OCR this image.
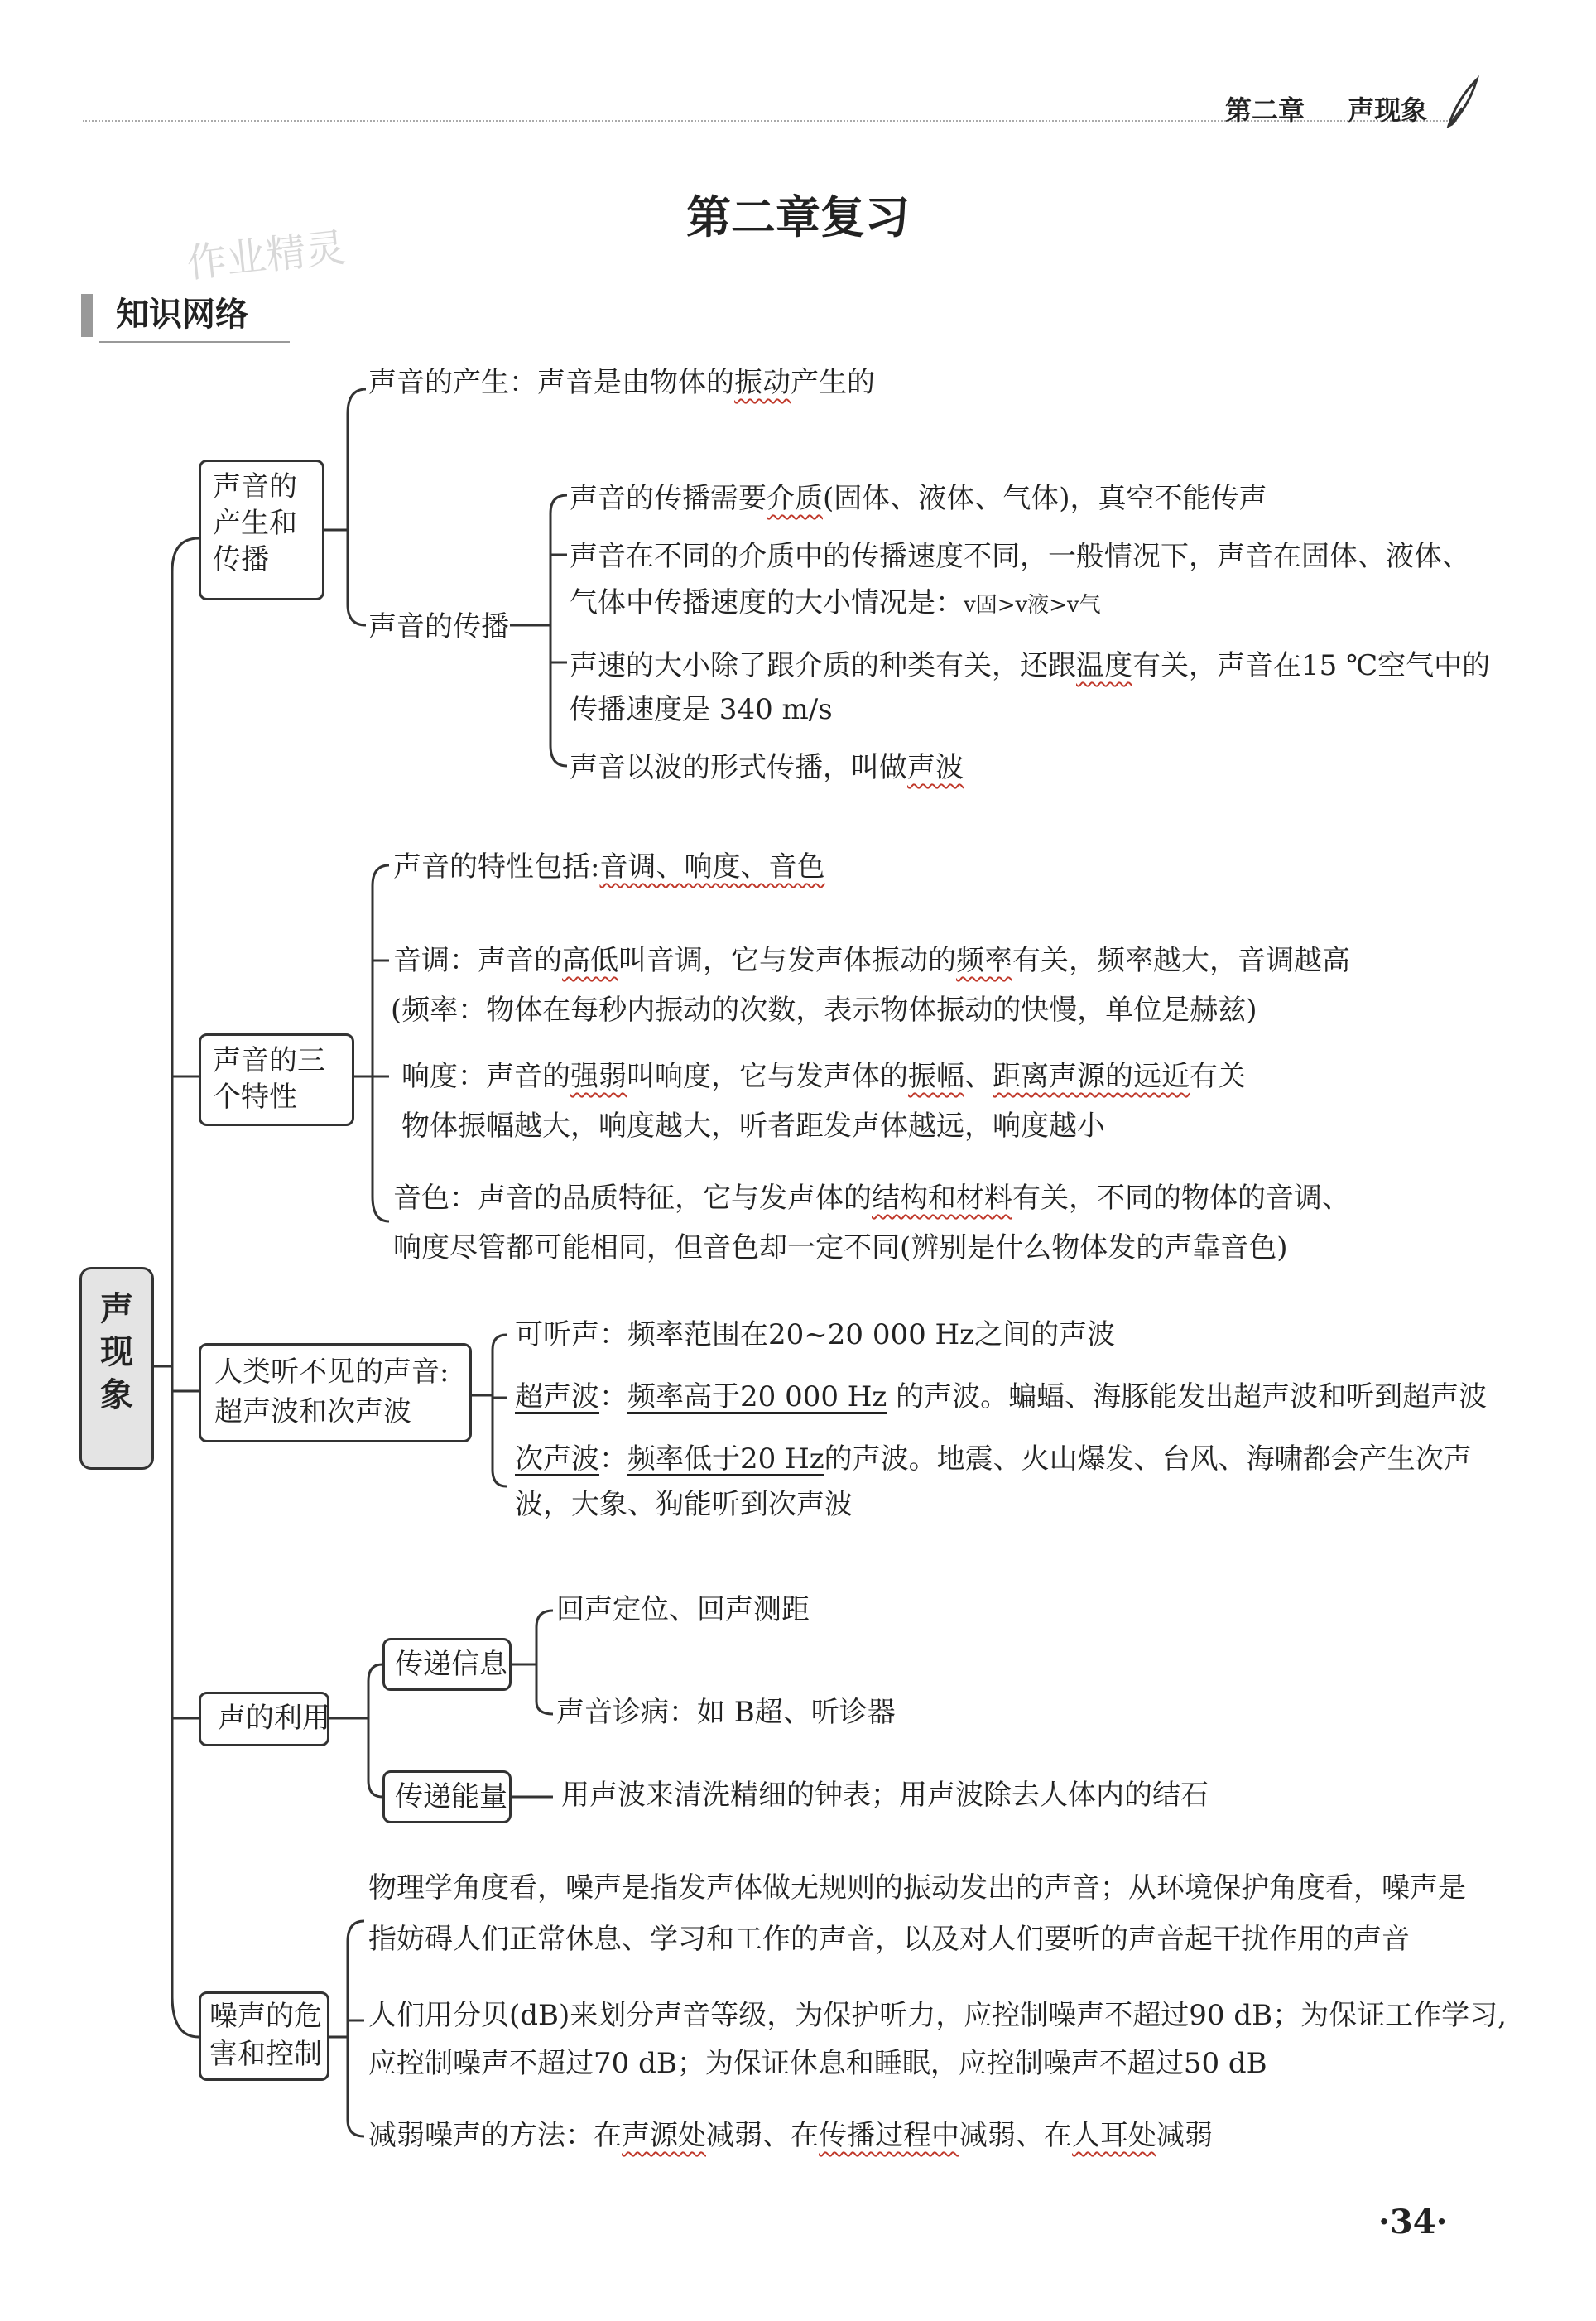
第二章 声现象
作业精灵
第二章复习
知识网络
声现象
声音的产生和传播
声音的产生：声音是由物体的振动产生的
声音的传播
声音的传播需要介质(固体、液体、气体)，真空不能传声
声音在不同的介质中的传播速度不同，一般情况下，声音在固体、液体、
气体中传播速度的大小情况是：v固>v液>v气
声速的大小除了跟介质的种类有关，还跟温度有关，声音在15 ℃空气中的
传播速度是 340 m/s
声音以波的形式传播，叫做声波
声音的三个特性
声音的特性包括:音调、响度、音色
音调：声音的高低叫音调，它与发声体振动的频率有关，频率越大，音调越高
(频率：物体在每秒内振动的次数，表示物体振动的快慢，单位是赫兹)
响度：声音的强弱叫响度，它与发声体的振幅、距离声源的远近有关
物体振幅越大，响度越大，听者距发声体越远，响度越小
音色：声音的品质特征，它与发声体的结构和材料有关，不同的物体的音调、
响度尽管都可能相同，但音色却一定不同(辨别是什么物体发的声靠音色)
人类听不见的声音:
超声波和次声波
可听声：频率范围在20~20 000 Hz之间的声波
超声波：频率高于20 000 Hz 的声波。蝙蝠、海豚能发出超声波和听到超声波
次声波：频率低于20 Hz的声波。地震、火山爆发、台风、海啸都会产生次声
波，大象、狗能听到次声波
声的利用
传递信息
传递能量
回声定位、回声测距
声音诊病：如 B超、听诊器
用声波来清洗精细的钟表；用声波除去人体内的结石
噪声的危
害和控制
物理学角度看，噪声是指发声体做无规则的振动发出的声音；从环境保护角度看，噪声是
指妨碍人们正常休息、学习和工作的声音，以及对人们要听的声音起干扰作用的声音
人们用分贝(dB)来划分声音等级，为保护听力，应控制噪声不超过90 dB；为保证工作学习,
应控制噪声不超过70 dB；为保证休息和睡眠，应控制噪声不超过50 dB
减弱噪声的方法：在声源处减弱、在传播过程中减弱、在人耳处减弱
·34·
